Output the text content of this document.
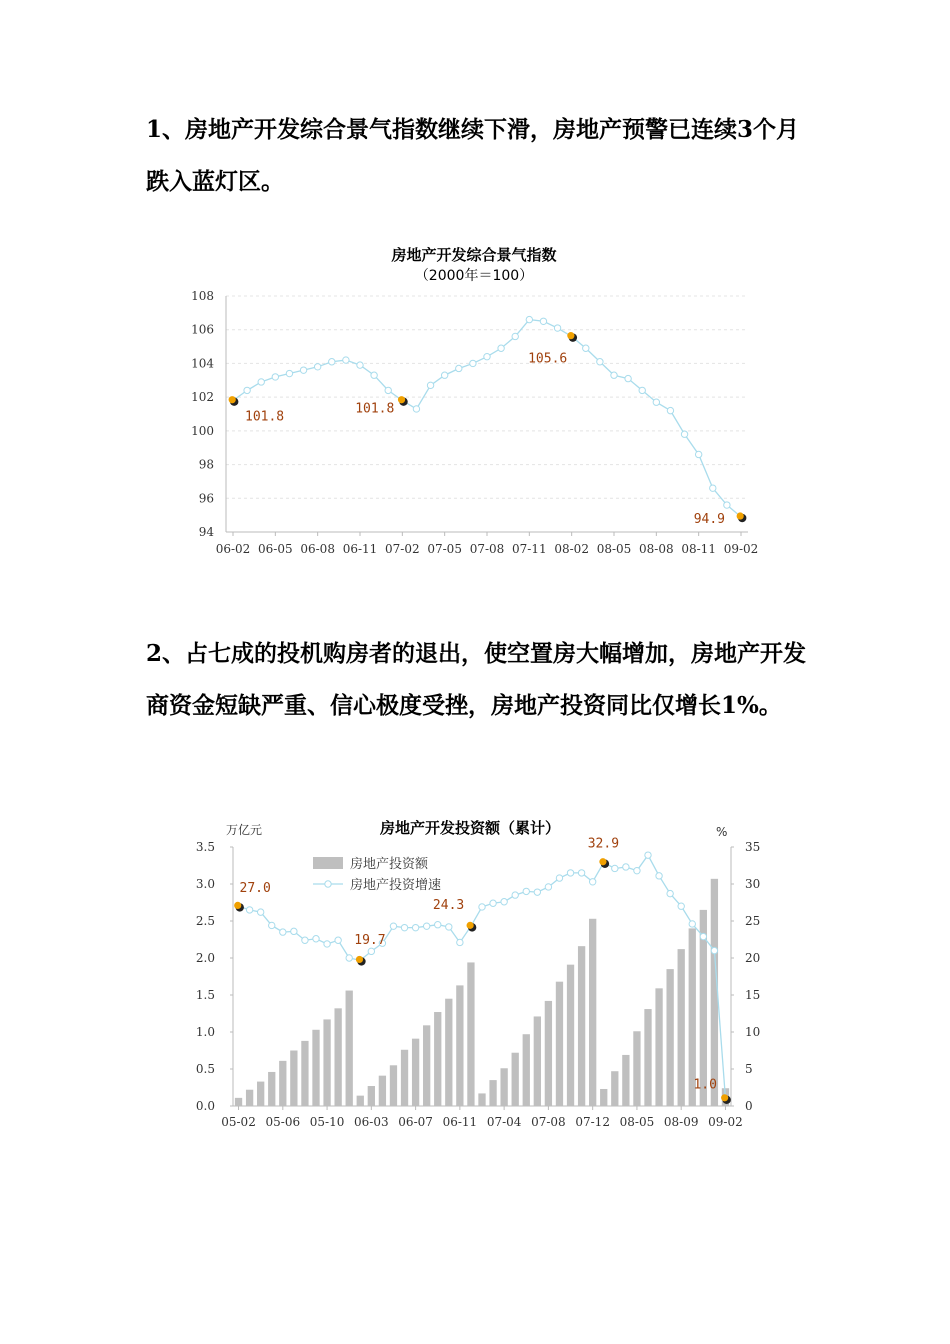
1、房地产开发综合景气指数继续下滑，房地产预警已连续3个月跌入蓝灯区。

房地产开发综合景气指数
（2000年＝100）
94
96
98
100
102
104
106
108
06-02 06-05 06-08 06-11 07-02 07-05 07-08 07-11 08-02 08-05 08-08 08-11 09-02
101.8
101.8
105.6
94.9

2、占七成的投机购房者的退出，使空置房大幅增加，房地产开发商资金短缺严重、信心极度受挫，房地产投资同比仅增长1%。

房地产开发投资额（累计）
万亿元	%
0.0
0.5
1.0
1.5
2.0
2.5
3.0
3.5
0
5
10
15
20
25
30
35
05-02 05-06 05-10 06-03 06-07 06-11 07-04 07-08 07-12 08-05 08-09 09-02
27.0
19.7
24.3
32.9
1.0
房地产投资额
房地产投资增速
